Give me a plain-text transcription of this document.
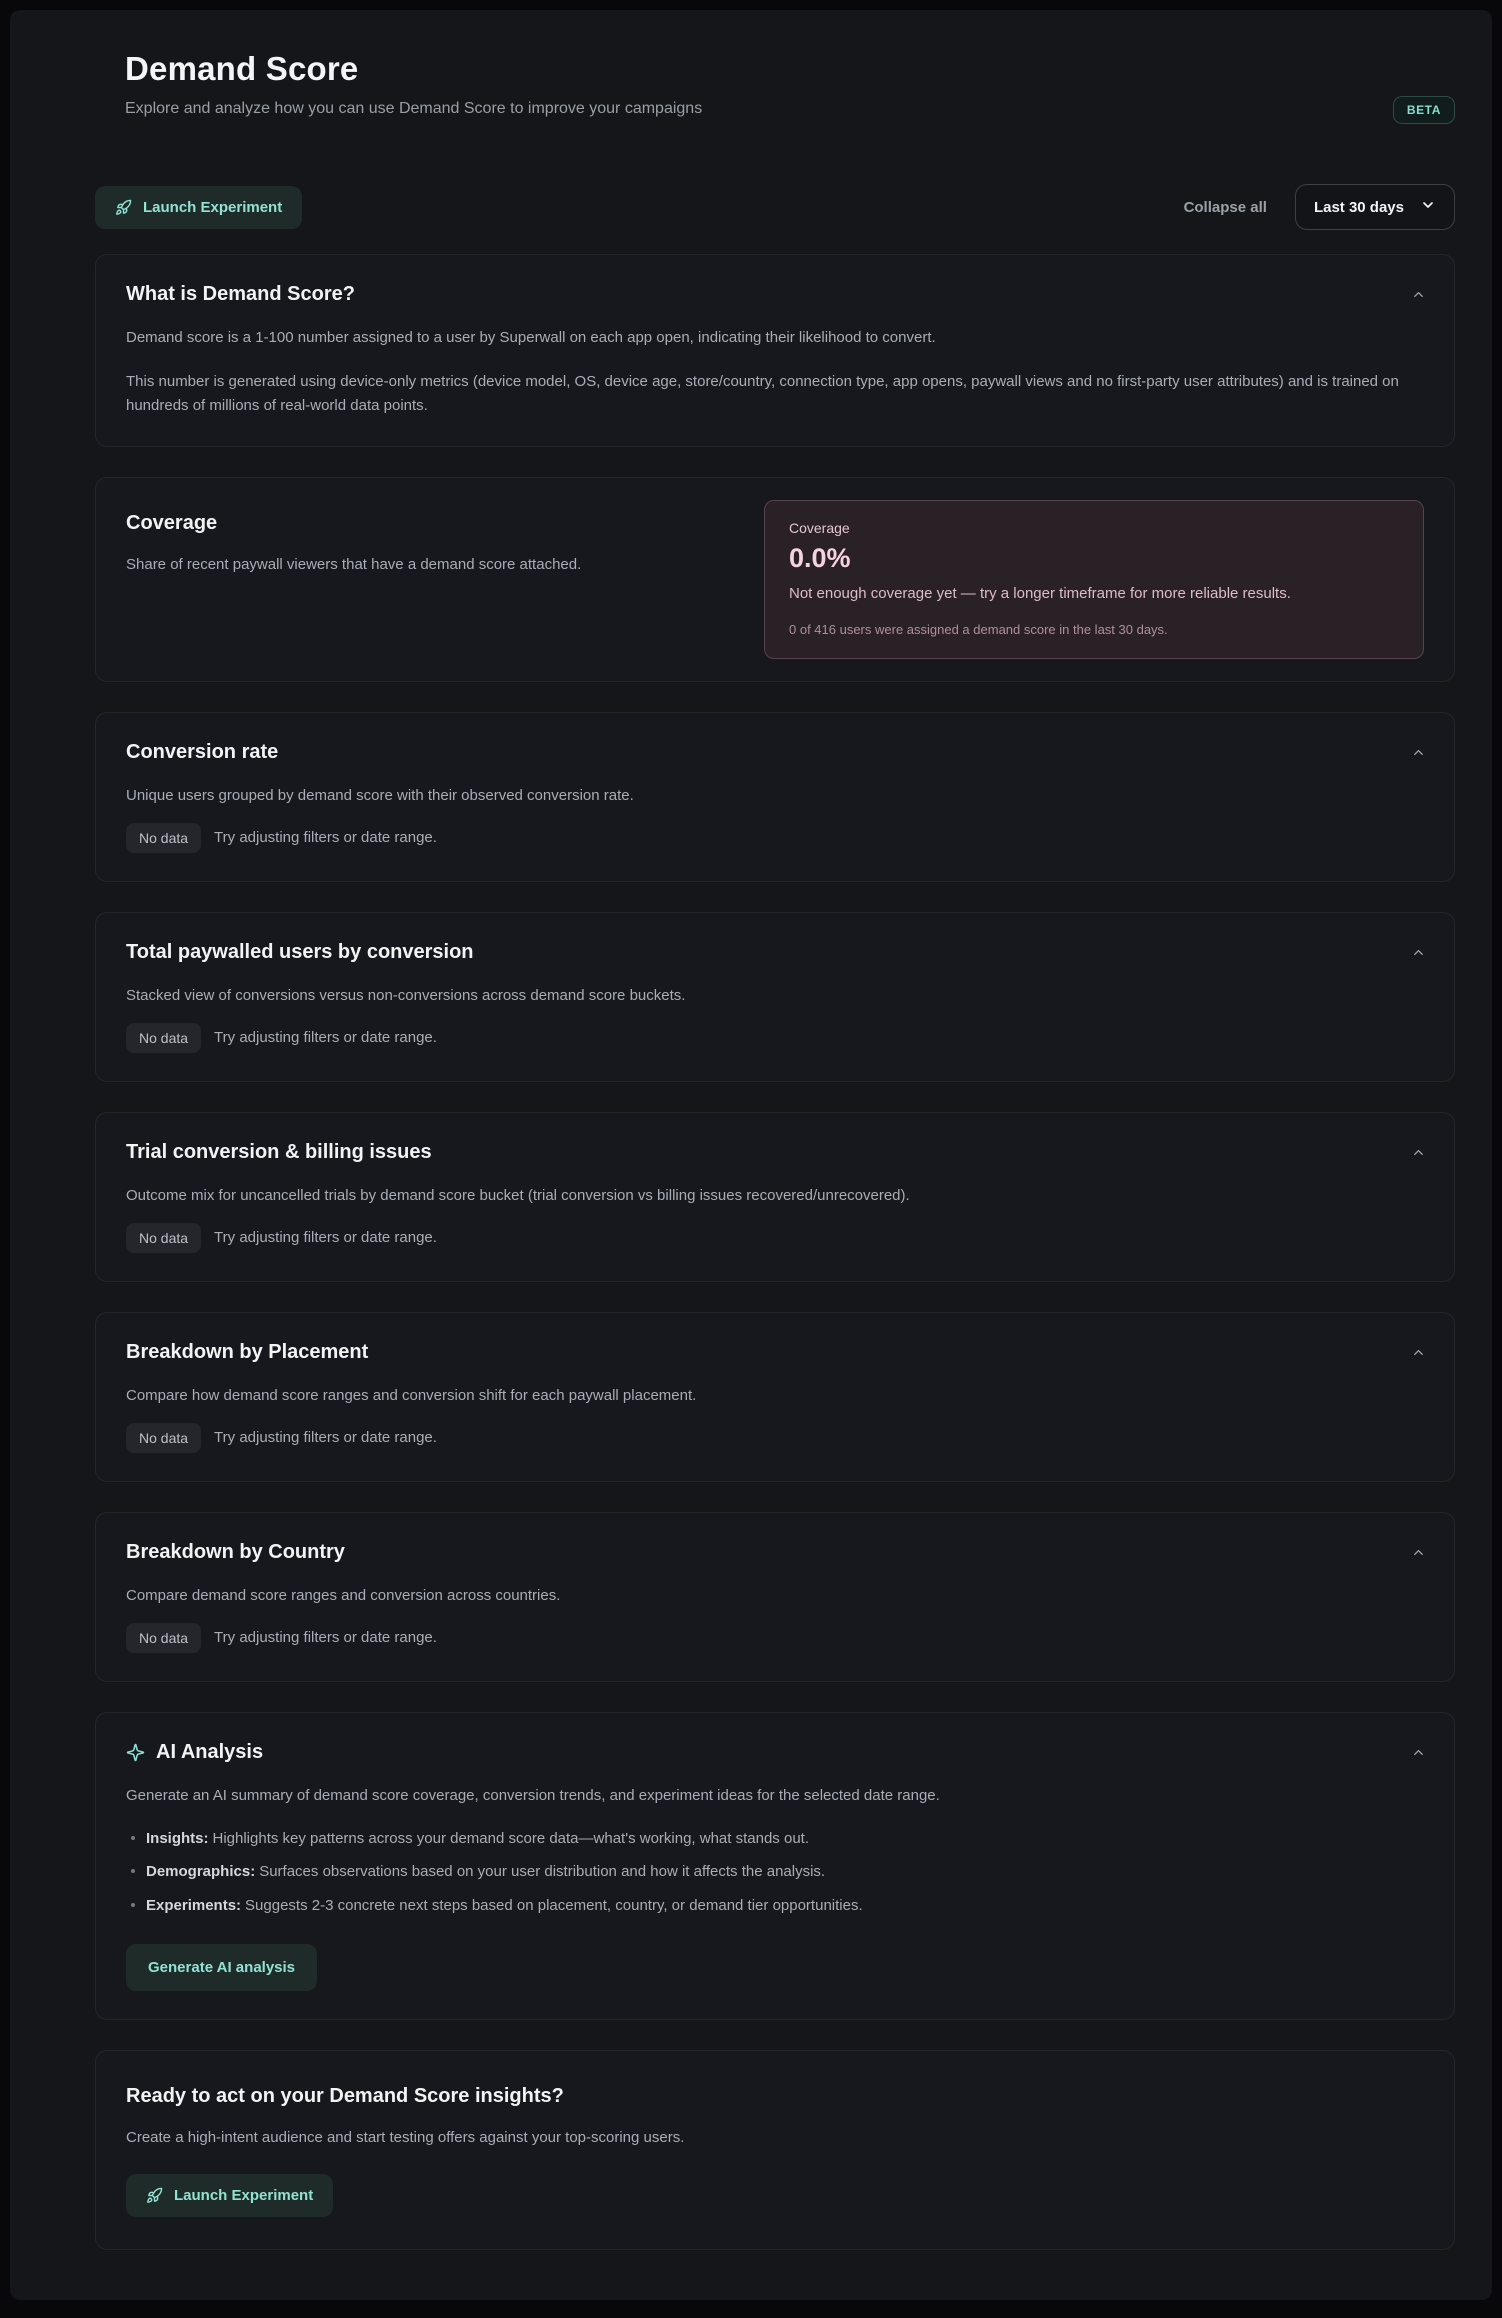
Demand Score

Explore and analyze how you can use Demand Score to improve your campaigns	BETA
Launch Experiment	Collapse all	Last 30 days
What is Demand Score?

Demand score is a 1-100 number assigned to a user by Superwall on each app open, indicating their likelihood to convert.

This number is generated using device-only metrics (device model, OS, device age, store/country, connection type, app opens, paywall views and no first-party user attributes) and is trained on hundreds of millions of real-world data points.

Coverage

Share of recent paywall viewers that have a demand score attached.

Coverage
0.0%
Not enough coverage yet — try a longer timeframe for more reliable results.
0 of 416 users were assigned a demand score in the last 30 days.
Conversion rate

Unique users grouped by demand score with their observed conversion rate.

No data	Try adjusting filters or date range.
Total paywalled users by conversion

Stacked view of conversions versus non-conversions across demand score buckets.

No data	Try adjusting filters or date range.
Trial conversion & billing issues

Outcome mix for uncancelled trials by demand score bucket (trial conversion vs billing issues recovered/unrecovered).

No data	Try adjusting filters or date range.
Breakdown by Placement

Compare how demand score ranges and conversion shift for each paywall placement.

No data	Try adjusting filters or date range.
Breakdown by Country

Compare demand score ranges and conversion across countries.

No data	Try adjusting filters or date range.
AI Analysis

Generate an AI summary of demand score coverage, conversion trends, and experiment ideas for the selected date range.

Insights: Highlights key patterns across your demand score data—what's working, what stands out.
Demographics: Surfaces observations based on your user distribution and how it affects the analysis.
Experiments: Suggests 2-3 concrete next steps based on placement, country, or demand tier opportunities.
Generate AI analysis
Ready to act on your Demand Score insights?

Create a high-intent audience and start testing offers against your top-scoring users.

Launch Experiment
